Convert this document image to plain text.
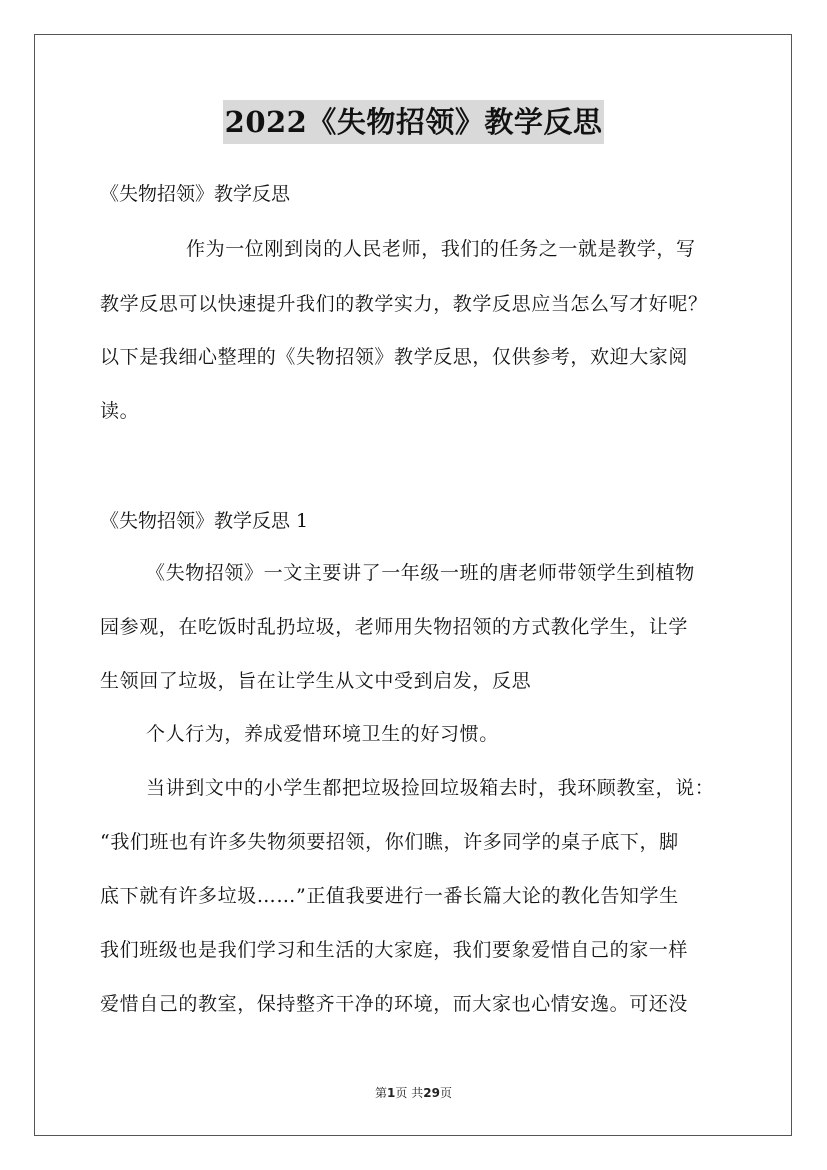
2022《失物招领》教学反思
《失物招领》教学反思
作为一位刚到岗的人民老师，我们的任务之一就是教学，写
教学反思可以快速提升我们的教学实力，教学反思应当怎么写才好呢？
以下是我细心整理的《失物招领》教学反思，仅供参考，欢迎大家阅
读。
《失物招领》教学反思 1
《失物招领》一文主要讲了一年级一班的唐老师带领学生到植物
园参观，在吃饭时乱扔垃圾，老师用失物招领的方式教化学生，让学
生领回了垃圾，旨在让学生从文中受到启发，反思
个人行为，养成爱惜环境卫生的好习惯。
当讲到文中的小学生都把垃圾捡回垃圾箱去时，我环顾教室，说：
“我们班也有许多失物须要招领，你们瞧，许多同学的桌子底下，脚
底下就有许多垃圾……”正值我要进行一番长篇大论的教化告知学生
我们班级也是我们学习和生活的大家庭，我们要象爱惜自己的家一样
爱惜自己的教室，保持整齐干净的环境，而大家也心情安逸。可还没
第1页 共29页
